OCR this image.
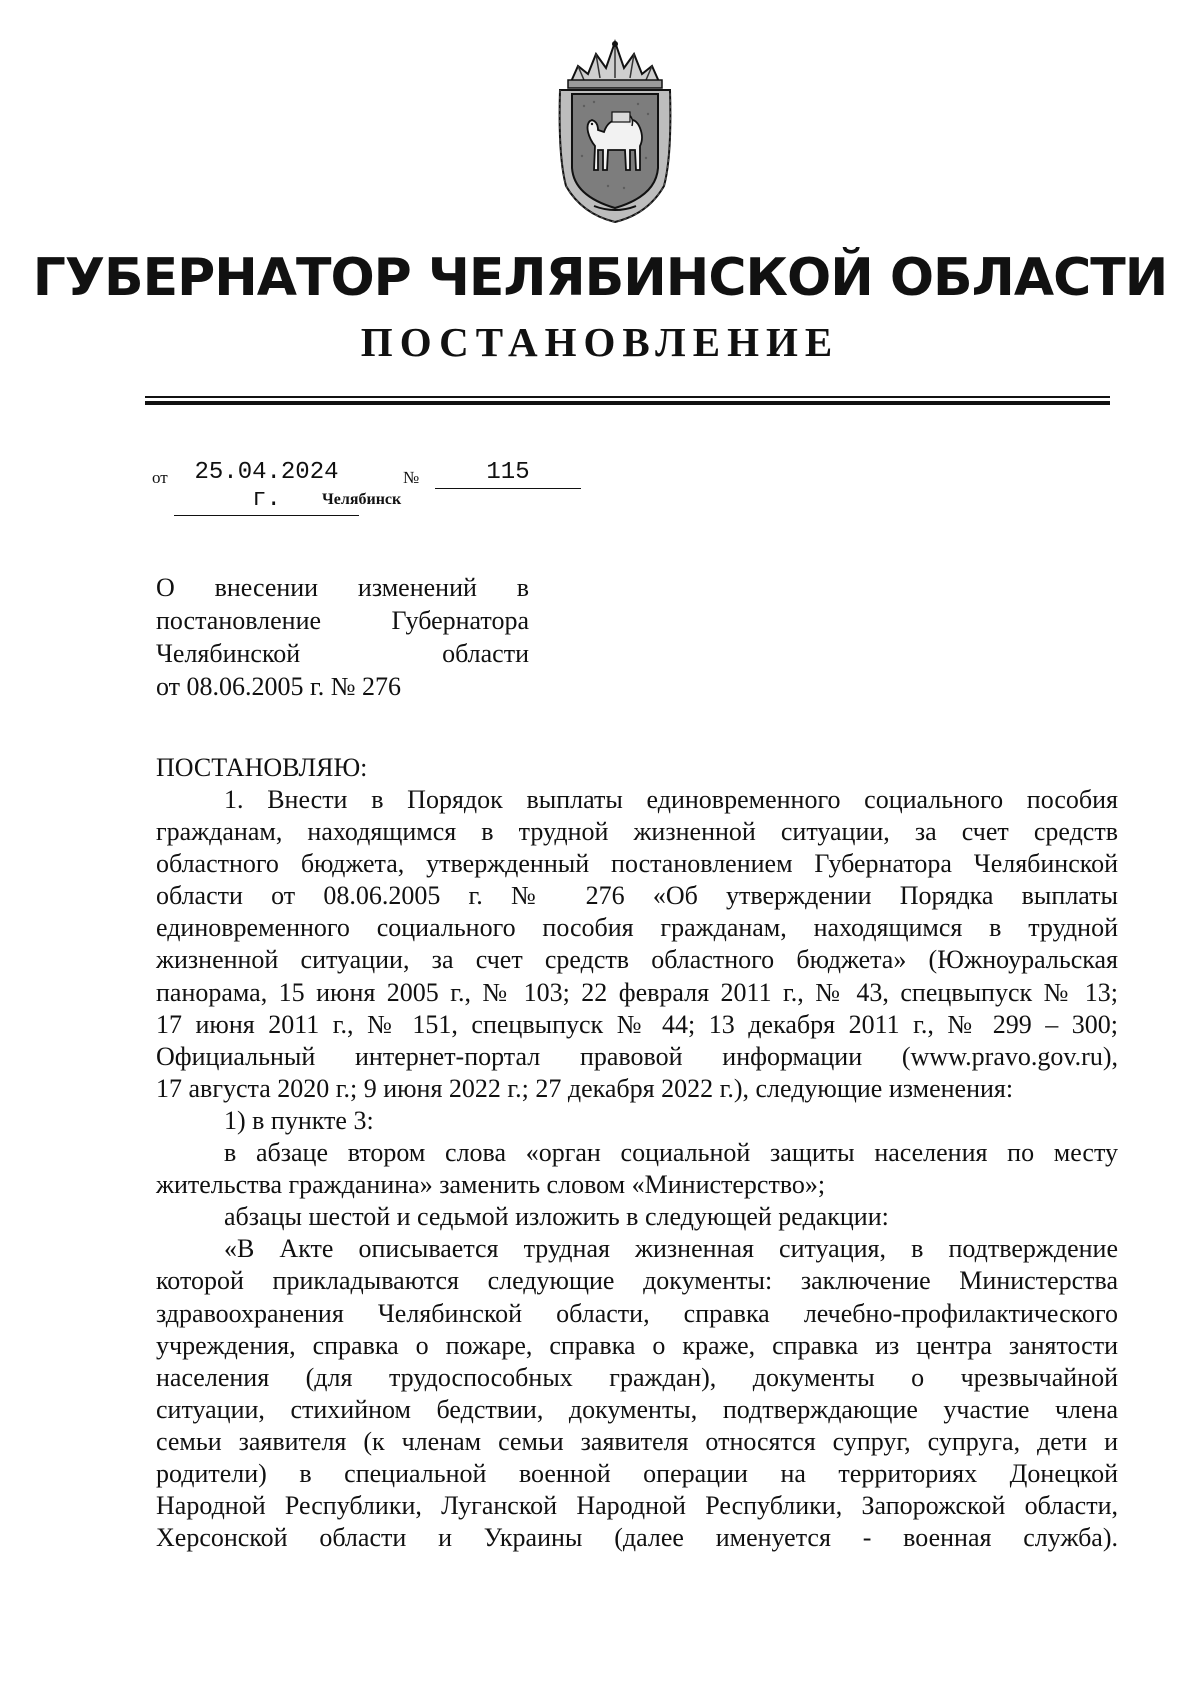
ГУБЕРНАТОР ЧЕЛЯБИНСКОЙ ОБЛАСТИ
ПОСТАНОВЛЕНИЕ
от	25.04.2024 г.
№	115
Челябинск
О внесении изменений в
постановление Губернатора
Челябинской области
от 08.06.2005 г. № 276
ПОСТАНОВЛЯЮ:
1. Внести в Порядок выплаты единовременного социального пособия
гражданам, находящимся в трудной жизненной ситуации, за счет средств
областного бюджета, утвержденный постановлением Губернатора Челябинской
области от 08.06.2005 г. № 276 «Об утверждении Порядка выплаты
единовременного социального пособия гражданам, находящимся в трудной
жизненной ситуации, за счет средств областного бюджета» (Южноуральская
панорама, 15 июня 2005 г., № 103; 22 февраля 2011 г., № 43, спецвыпуск № 13;
17 июня 2011 г., № 151, спецвыпуск № 44; 13 декабря 2011 г., № 299 – 300;
Официальный интернет-портал правовой информации (www.pravo.gov.ru),
17 августа 2020 г.; 9 июня 2022 г.; 27 декабря 2022 г.), следующие изменения:
1) в пункте 3:
в абзаце втором слова «орган социальной защиты населения по месту
жительства гражданина» заменить словом «Министерство»;
абзацы шестой и седьмой изложить в следующей редакции:
«В Акте описывается трудная жизненная ситуация, в подтверждение
которой прикладываются следующие документы: заключение Министерства
здравоохранения Челябинской области, справка лечебно-профилактического
учреждения, справка о пожаре, справка о краже, справка из центра занятости
населения (для трудоспособных граждан), документы о чрезвычайной
ситуации, стихийном бедствии, документы, подтверждающие участие члена
семьи заявителя (к членам семьи заявителя относятся супруг, супруга, дети и
родители) в специальной военной операции на территориях Донецкой
Народной Республики, Луганской Народной Республики, Запорожской области,
Херсонской области и Украины (далее именуется - военная служба).
